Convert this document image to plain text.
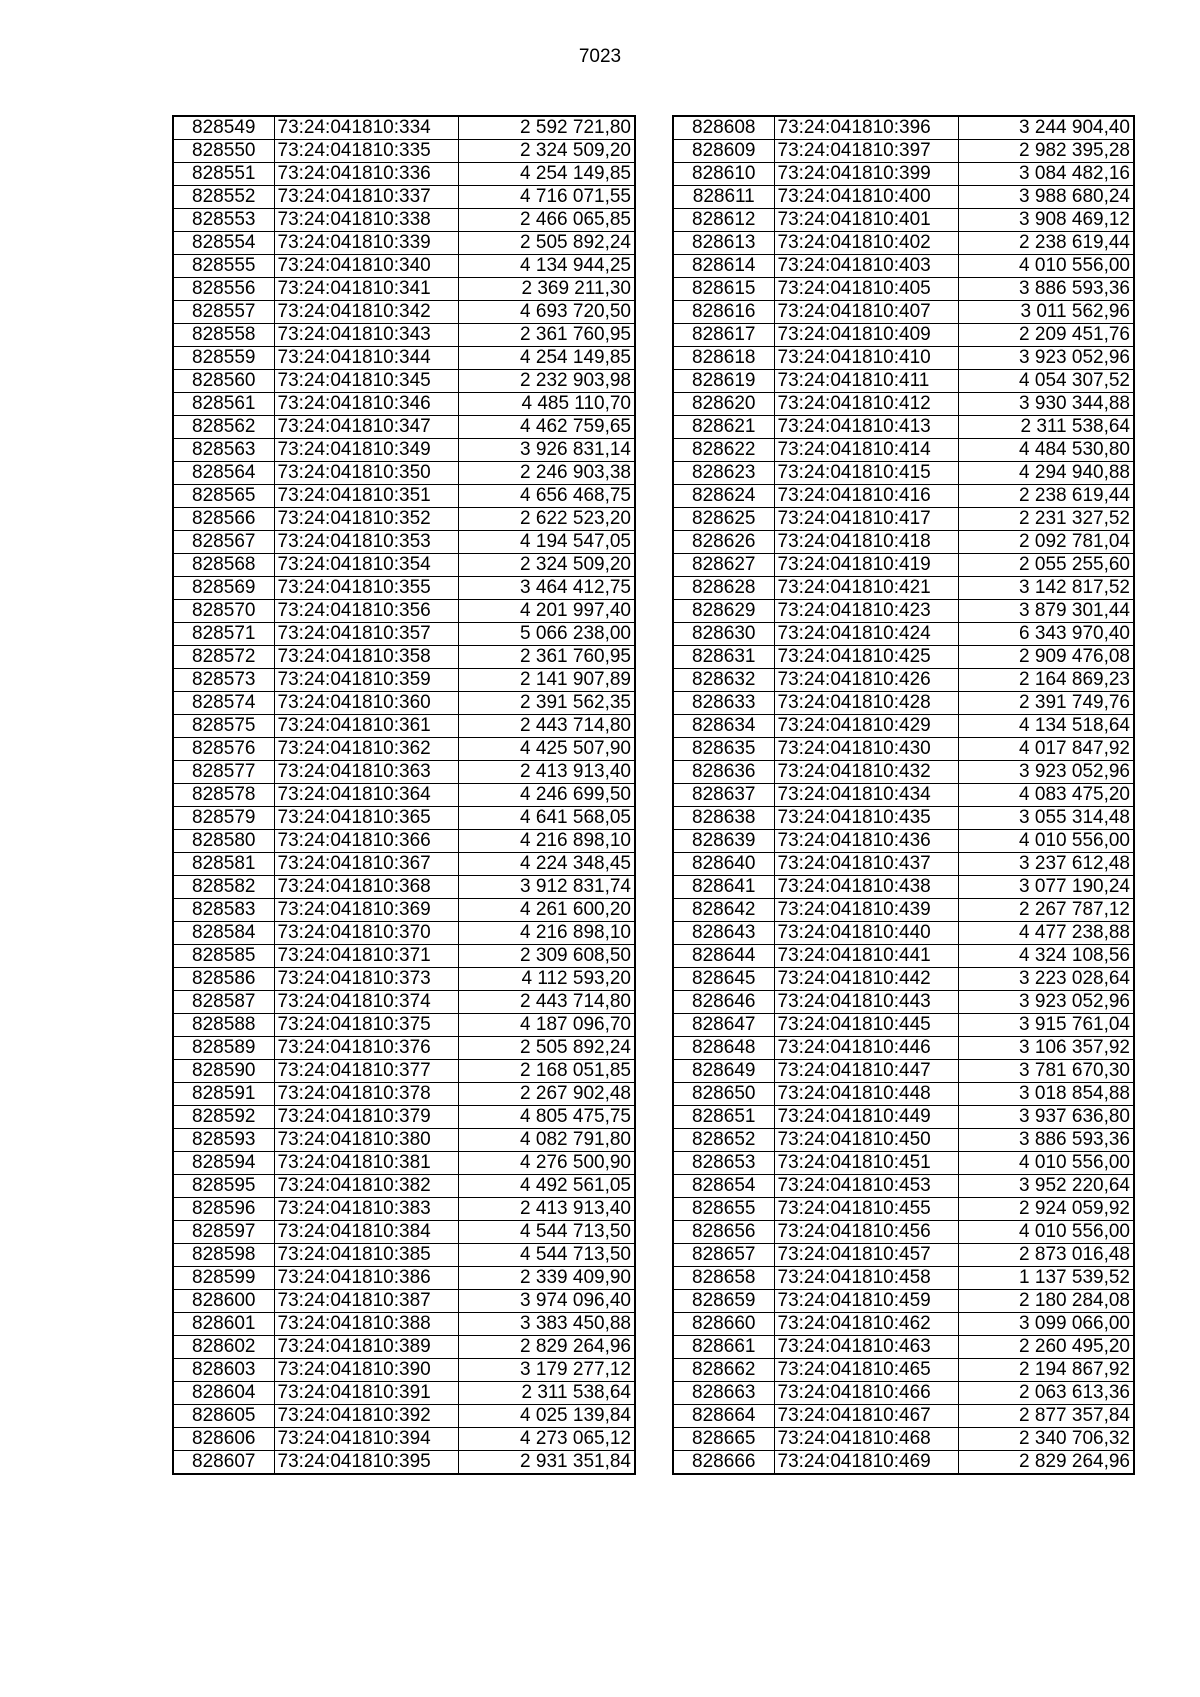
7023
828549	73:24:041810:334	2 592 721,80
828550	73:24:041810:335	2 324 509,20
828551	73:24:041810:336	4 254 149,85
828552	73:24:041810:337	4 716 071,55
828553	73:24:041810:338	2 466 065,85
828554	73:24:041810:339	2 505 892,24
828555	73:24:041810:340	4 134 944,25
828556	73:24:041810:341	2 369 211,30
828557	73:24:041810:342	4 693 720,50
828558	73:24:041810:343	2 361 760,95
828559	73:24:041810:344	4 254 149,85
828560	73:24:041810:345	2 232 903,98
828561	73:24:041810:346	4 485 110,70
828562	73:24:041810:347	4 462 759,65
828563	73:24:041810:349	3 926 831,14
828564	73:24:041810:350	2 246 903,38
828565	73:24:041810:351	4 656 468,75
828566	73:24:041810:352	2 622 523,20
828567	73:24:041810:353	4 194 547,05
828568	73:24:041810:354	2 324 509,20
828569	73:24:041810:355	3 464 412,75
828570	73:24:041810:356	4 201 997,40
828571	73:24:041810:357	5 066 238,00
828572	73:24:041810:358	2 361 760,95
828573	73:24:041810:359	2 141 907,89
828574	73:24:041810:360	2 391 562,35
828575	73:24:041810:361	2 443 714,80
828576	73:24:041810:362	4 425 507,90
828577	73:24:041810:363	2 413 913,40
828578	73:24:041810:364	4 246 699,50
828579	73:24:041810:365	4 641 568,05
828580	73:24:041810:366	4 216 898,10
828581	73:24:041810:367	4 224 348,45
828582	73:24:041810:368	3 912 831,74
828583	73:24:041810:369	4 261 600,20
828584	73:24:041810:370	4 216 898,10
828585	73:24:041810:371	2 309 608,50
828586	73:24:041810:373	4 112 593,20
828587	73:24:041810:374	2 443 714,80
828588	73:24:041810:375	4 187 096,70
828589	73:24:041810:376	2 505 892,24
828590	73:24:041810:377	2 168 051,85
828591	73:24:041810:378	2 267 902,48
828592	73:24:041810:379	4 805 475,75
828593	73:24:041810:380	4 082 791,80
828594	73:24:041810:381	4 276 500,90
828595	73:24:041810:382	4 492 561,05
828596	73:24:041810:383	2 413 913,40
828597	73:24:041810:384	4 544 713,50
828598	73:24:041810:385	4 544 713,50
828599	73:24:041810:386	2 339 409,90
828600	73:24:041810:387	3 974 096,40
828601	73:24:041810:388	3 383 450,88
828602	73:24:041810:389	2 829 264,96
828603	73:24:041810:390	3 179 277,12
828604	73:24:041810:391	2 311 538,64
828605	73:24:041810:392	4 025 139,84
828606	73:24:041810:394	4 273 065,12
828607	73:24:041810:395	2 931 351,84
828608	73:24:041810:396	3 244 904,40
828609	73:24:041810:397	2 982 395,28
828610	73:24:041810:399	3 084 482,16
828611	73:24:041810:400	3 988 680,24
828612	73:24:041810:401	3 908 469,12
828613	73:24:041810:402	2 238 619,44
828614	73:24:041810:403	4 010 556,00
828615	73:24:041810:405	3 886 593,36
828616	73:24:041810:407	3 011 562,96
828617	73:24:041810:409	2 209 451,76
828618	73:24:041810:410	3 923 052,96
828619	73:24:041810:411	4 054 307,52
828620	73:24:041810:412	3 930 344,88
828621	73:24:041810:413	2 311 538,64
828622	73:24:041810:414	4 484 530,80
828623	73:24:041810:415	4 294 940,88
828624	73:24:041810:416	2 238 619,44
828625	73:24:041810:417	2 231 327,52
828626	73:24:041810:418	2 092 781,04
828627	73:24:041810:419	2 055 255,60
828628	73:24:041810:421	3 142 817,52
828629	73:24:041810:423	3 879 301,44
828630	73:24:041810:424	6 343 970,40
828631	73:24:041810:425	2 909 476,08
828632	73:24:041810:426	2 164 869,23
828633	73:24:041810:428	2 391 749,76
828634	73:24:041810:429	4 134 518,64
828635	73:24:041810:430	4 017 847,92
828636	73:24:041810:432	3 923 052,96
828637	73:24:041810:434	4 083 475,20
828638	73:24:041810:435	3 055 314,48
828639	73:24:041810:436	4 010 556,00
828640	73:24:041810:437	3 237 612,48
828641	73:24:041810:438	3 077 190,24
828642	73:24:041810:439	2 267 787,12
828643	73:24:041810:440	4 477 238,88
828644	73:24:041810:441	4 324 108,56
828645	73:24:041810:442	3 223 028,64
828646	73:24:041810:443	3 923 052,96
828647	73:24:041810:445	3 915 761,04
828648	73:24:041810:446	3 106 357,92
828649	73:24:041810:447	3 781 670,30
828650	73:24:041810:448	3 018 854,88
828651	73:24:041810:449	3 937 636,80
828652	73:24:041810:450	3 886 593,36
828653	73:24:041810:451	4 010 556,00
828654	73:24:041810:453	3 952 220,64
828655	73:24:041810:455	2 924 059,92
828656	73:24:041810:456	4 010 556,00
828657	73:24:041810:457	2 873 016,48
828658	73:24:041810:458	1 137 539,52
828659	73:24:041810:459	2 180 284,08
828660	73:24:041810:462	3 099 066,00
828661	73:24:041810:463	2 260 495,20
828662	73:24:041810:465	2 194 867,92
828663	73:24:041810:466	2 063 613,36
828664	73:24:041810:467	2 877 357,84
828665	73:24:041810:468	2 340 706,32
828666	73:24:041810:469	2 829 264,96
